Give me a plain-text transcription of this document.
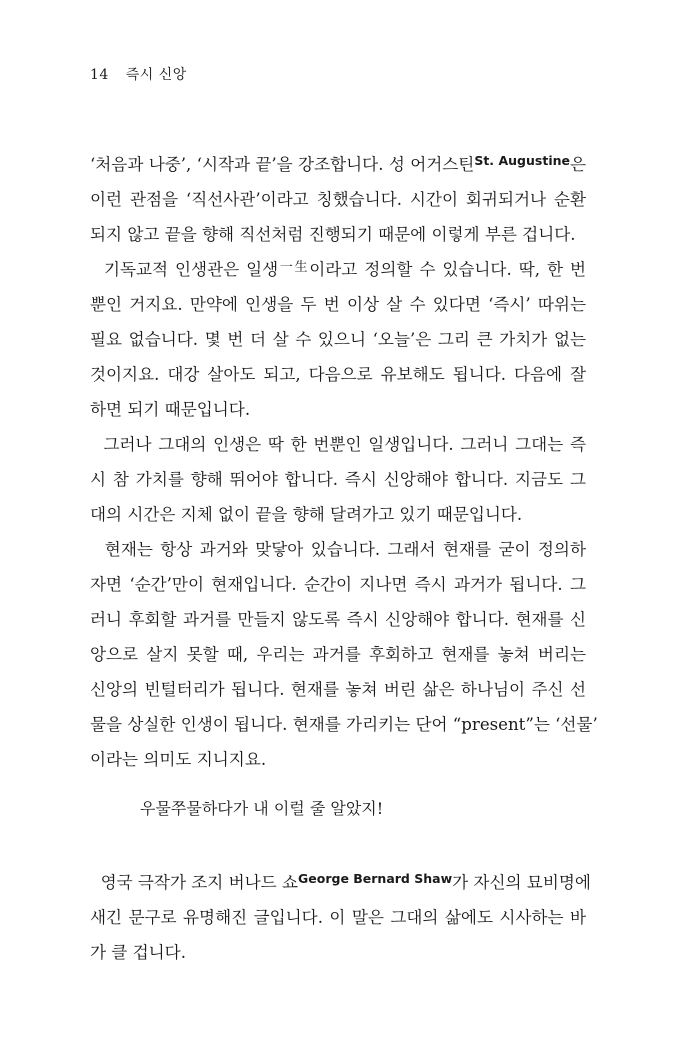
14 즉시 신앙
‘처음과 나중’, ‘시작과 끝’을 강조합니다. 성 어거스틴$^{St. Augustine}$은
이런 관점을 ‘직선사관’이라고 칭했습니다. 시간이 회귀되거나 순환
되지 않고 끝을 향해 직선처럼 진행되기 때문에 이렇게 부른 겁니다.
기독교적 인생관은 일생$^{一生}$이라고 정의할 수 있습니다. 딱, 한 번
뿐인 거지요. 만약에 인생을 두 번 이상 살 수 있다면 ‘즉시’ 따위는
필요 없습니다. 몇 번 더 살 수 있으니 ‘오늘’은 그리 큰 가치가 없는
것이지요. 대강 살아도 되고, 다음으로 유보해도 됩니다. 다음에 잘
하면 되기 때문입니다.
그러나 그대의 인생은 딱 한 번뿐인 일생입니다. 그러니 그대는 즉
시 참 가치를 향해 뛰어야 합니다. 즉시 신앙해야 합니다. 지금도 그
대의 시간은 지체 없이 끝을 향해 달려가고 있기 때문입니다.
현재는 항상 과거와 맞닿아 있습니다. 그래서 현재를 굳이 정의하
자면 ‘순간’만이 현재입니다. 순간이 지나면 즉시 과거가 됩니다. 그
러니 후회할 과거를 만들지 않도록 즉시 신앙해야 합니다. 현재를 신
앙으로 살지 못할 때, 우리는 과거를 후회하고 현재를 놓쳐 버리는
신앙의 빈털터리가 됩니다. 현재를 놓쳐 버린 삶은 하나님이 주신 선
물을 상실한 인생이 됩니다. 현재를 가리키는 단어 “present”는 ‘선물’
이라는 의미도 지니지요.
우물쭈물하다가 내 이럴 줄 알았지!
영국 극작가 조지 버나드 쇼$^{George Bernard Shaw}$가 자신의 묘비명에
새긴 문구로 유명해진 글입니다. 이 말은 그대의 삶에도 시사하는 바
가 클 겁니다.
